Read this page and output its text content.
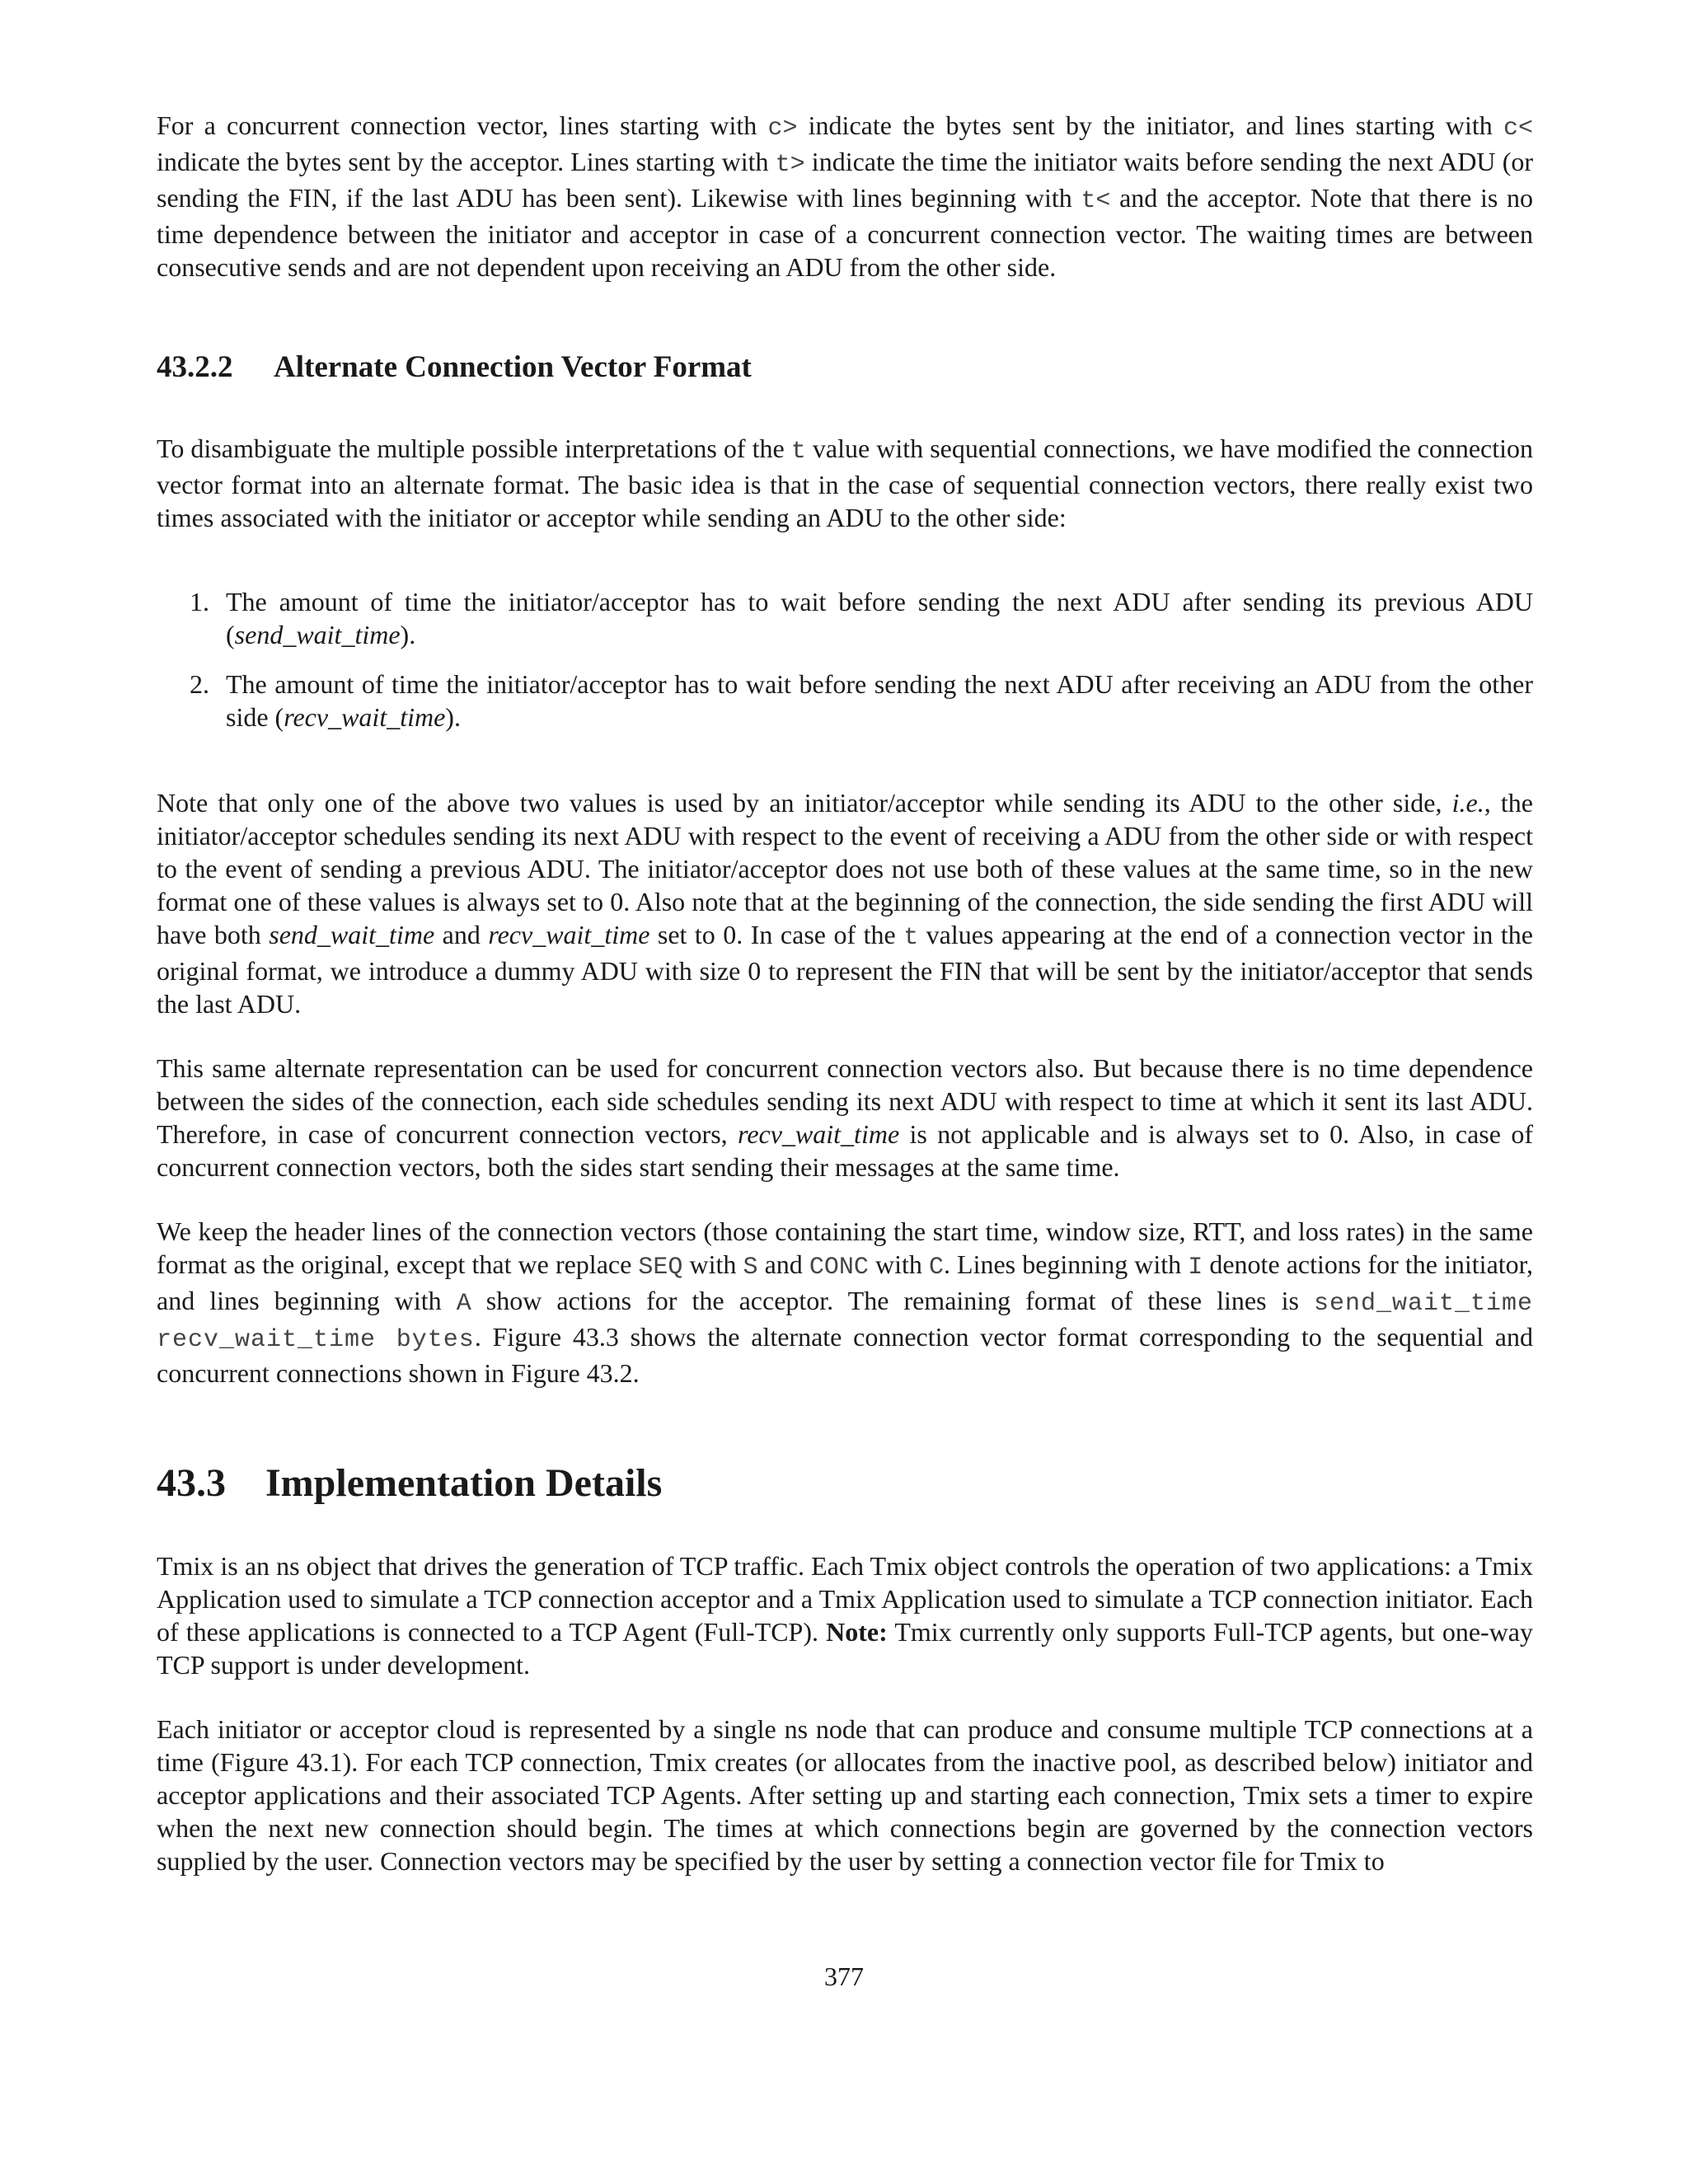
For a concurrent connection vector, lines starting with c> indicate the bytes sent by the initiator, and lines starting with c< indicate the bytes sent by the acceptor. Lines starting with t> indicate the time the initiator waits before sending the next ADU (or sending the FIN, if the last ADU has been sent). Likewise with lines beginning with t< and the acceptor. Note that there is no time dependence between the initiator and acceptor in case of a concurrent connection vector. The waiting times are between consecutive sends and are not dependent upon receiving an ADU from the other side.

43.2.2 Alternate Connection Vector Format

To disambiguate the multiple possible interpretations of the t value with sequential connections, we have modified the connection vector format into an alternate format. The basic idea is that in the case of sequential connection vectors, there really exist two times associated with the initiator or acceptor while sending an ADU to the other side:

1. The amount of time the initiator/acceptor has to wait before sending the next ADU after sending its previous ADU (send_wait_time).
2. The amount of time the initiator/acceptor has to wait before sending the next ADU after receiving an ADU from the other side (recv_wait_time).

Note that only one of the above two values is used by an initiator/acceptor while sending its ADU to the other side, i.e., the initiator/acceptor schedules sending its next ADU with respect to the event of receiving a ADU from the other side or with respect to the event of sending a previous ADU. The initiator/acceptor does not use both of these values at the same time, so in the new format one of these values is always set to 0. Also note that at the beginning of the connection, the side sending the first ADU will have both send_wait_time and recv_wait_time set to 0. In case of the t values appearing at the end of a connection vector in the original format, we introduce a dummy ADU with size 0 to represent the FIN that will be sent by the initiator/acceptor that sends the last ADU.

This same alternate representation can be used for concurrent connection vectors also. But because there is no time dependence between the sides of the connection, each side schedules sending its next ADU with respect to time at which it sent its last ADU. Therefore, in case of concurrent connection vectors, recv_wait_time is not applicable and is always set to 0. Also, in case of concurrent connection vectors, both the sides start sending their messages at the same time.

We keep the header lines of the connection vectors (those containing the start time, window size, RTT, and loss rates) in the same format as the original, except that we replace SEQ with S and CONC with C. Lines beginning with I denote actions for the initiator, and lines beginning with A show actions for the acceptor. The remaining format of these lines is send_wait_time recv_wait_time bytes. Figure 43.3 shows the alternate connection vector format corresponding to the sequential and concurrent connections shown in Figure 43.2.

43.3 Implementation Details

Tmix is an ns object that drives the generation of TCP traffic. Each Tmix object controls the operation of two applications: a Tmix Application used to simulate a TCP connection acceptor and a Tmix Application used to simulate a TCP connection initiator. Each of these applications is connected to a TCP Agent (Full-TCP). Note: Tmix currently only supports Full-TCP agents, but one-way TCP support is under development.

Each initiator or acceptor cloud is represented by a single ns node that can produce and consume multiple TCP connections at a time (Figure 43.1). For each TCP connection, Tmix creates (or allocates from the inactive pool, as described below) initiator and acceptor applications and their associated TCP Agents. After setting up and starting each connection, Tmix sets a timer to expire when the next new connection should begin. The times at which connections begin are governed by the connection vectors supplied by the user. Connection vectors may be specified by the user by setting a connection vector file for Tmix to

377
